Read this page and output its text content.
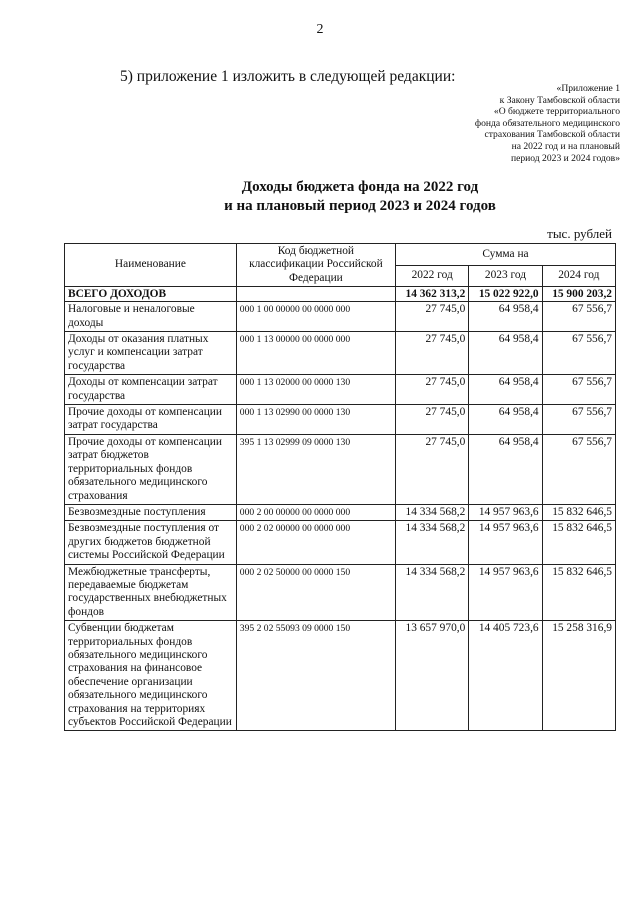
2
5) приложение 1 изложить в следующей редакции:
«Приложение 1
к Закону Тамбовской области
«О бюджете территориального
фонда обязательного медицинского
страхования Тамбовской области
на 2022 год и на плановый
период 2023 и 2024 годов»
Доходы бюджета фонда на 2022 год
и на плановый период 2023 и 2024 годов
тыс. рублей
Наименование	Код бюджетной классификации Российской Федерации	Сумма на		
		2022 год	2023 год	2024 год
ВСЕГО ДОХОДОВ		14 362 313,2	15 022 922,0	15 900 203,2
Налоговые и неналоговые доходы	000 1 00 00000 00 0000 000	27 745,0	64 958,4	67 556,7
Доходы от оказания платных услуг и компенсации затрат государства	000 1 13 00000 00 0000 000	27 745,0	64 958,4	67 556,7
Доходы от компенсации затрат государства	000 1 13 02000 00 0000 130	27 745,0	64 958,4	67 556,7
Прочие доходы от компенсации затрат государства	000 1 13 02990 00 0000 130	27 745,0	64 958,4	67 556,7
Прочие доходы от компенсации затрат бюджетов территориальных фондов обязательного медицинского страхования	395 1 13 02999 09 0000 130	27 745,0	64 958,4	67 556,7
Безвозмездные поступления	000 2 00 00000 00 0000 000	14 334 568,2	14 957 963,6	15 832 646,5
Безвозмездные поступления от других бюджетов бюджетной системы Российской Федерации	000 2 02 00000 00 0000 000	14 334 568,2	14 957 963,6	15 832 646,5
Межбюджетные трансферты, передаваемые бюджетам государственных внебюджетных фондов	000 2 02 50000 00 0000 150	14 334 568,2	14 957 963,6	15 832 646,5
Субвенции бюджетам территориальных фондов обязательного медицинского страхования на финансовое обеспечение организации обязательного медицинского страхования на территориях субъектов Российской Федерации	395 2 02 55093 09 0000 150	13 657 970,0	14 405 723,6	15 258 316,9
